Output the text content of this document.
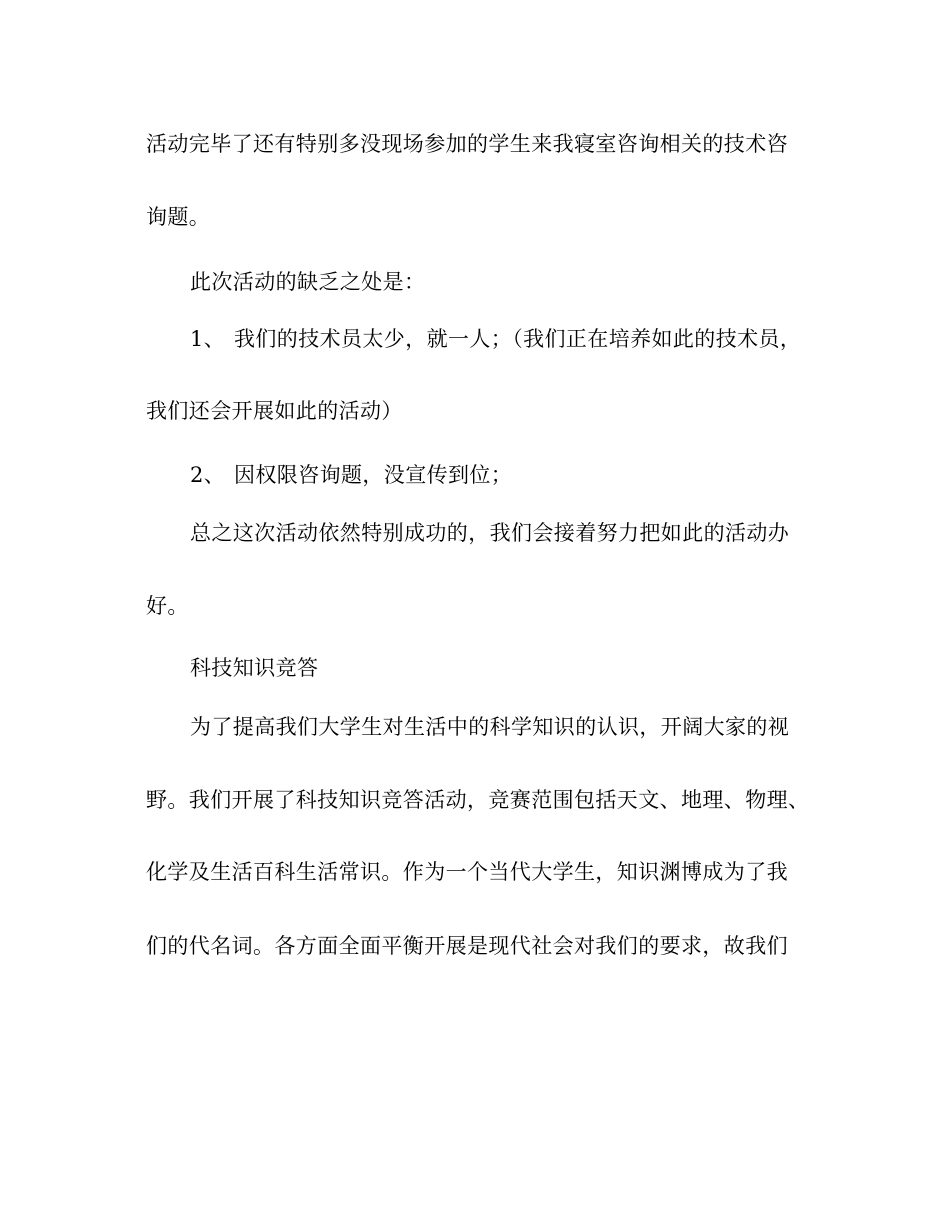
活动完毕了还有特别多没现场参加的学生来我寝室咨询相关的技术咨

询题。

此次活动的缺乏之处是：

1、 我们的技术员太少，就一人；（我们正在培养如此的技术员，

我们还会开展如此的活动）

2、 因权限咨询题，没宣传到位；

总之这次活动依然特别成功的，我们会接着努力把如此的活动办

好。

科技知识竞答

为了提高我们大学生对生活中的科学知识的认识，开阔大家的视

野。我们开展了科技知识竞答活动，竞赛范围包括天文、地理、物理、

化学及生活百科生活常识。作为一个当代大学生，知识渊博成为了我

们的代名词。各方面全面平衡开展是现代社会对我们的要求，故我们
